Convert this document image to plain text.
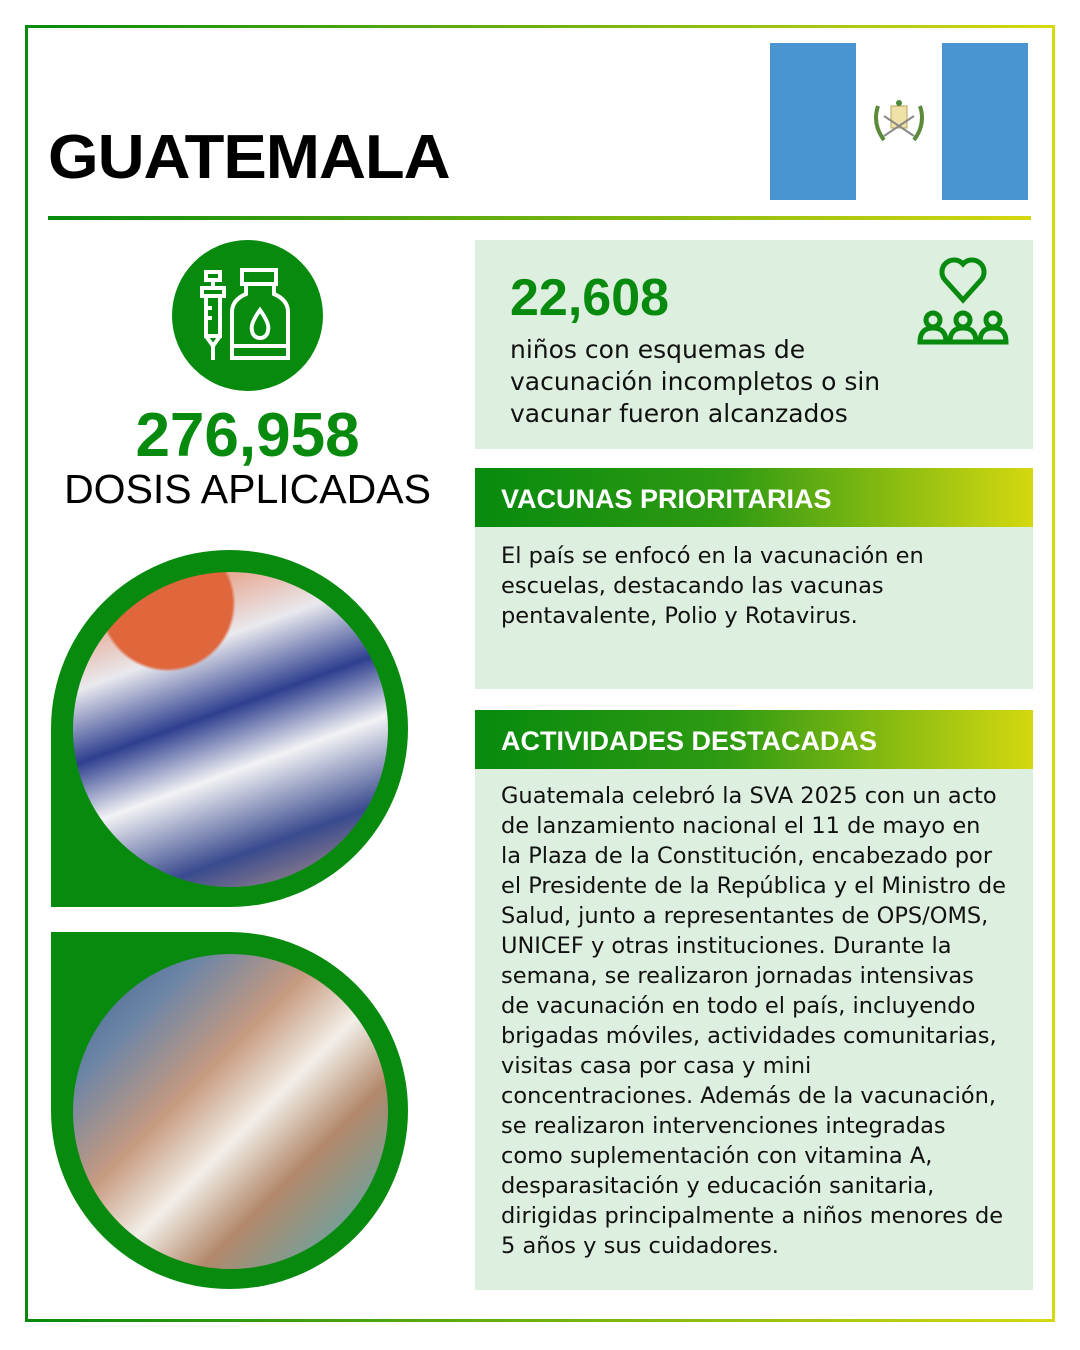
GUATEMALA
276,958
DOSIS APLICADAS
22,608
niños con esquemas de vacunación incompletos o sin vacunar fueron alcanzados
VACUNAS PRIORITARIAS
El país se enfocó en la vacunación en escuelas, destacando las vacunas pentavalente, Polio y Rotavirus.
ACTIVIDADES DESTACADAS
Guatemala celebró la SVA 2025 con un acto de lanzamiento nacional el 11 de mayo en la Plaza de la Constitución, encabezado por el Presidente de la República y el Ministro de Salud, junto a representantes de OPS/OMS, UNICEF y otras instituciones. Durante la semana, se realizaron jornadas intensivas de vacunación en todo el país, incluyendo brigadas móviles, actividades comunitarias, visitas casa por casa y mini concentraciones. Además de la vacunación, se realizaron intervenciones integradas como suplementación con vitamina A, desparasitación y educación sanitaria, dirigidas principalmente a niños menores de 5 años y sus cuidadores.
